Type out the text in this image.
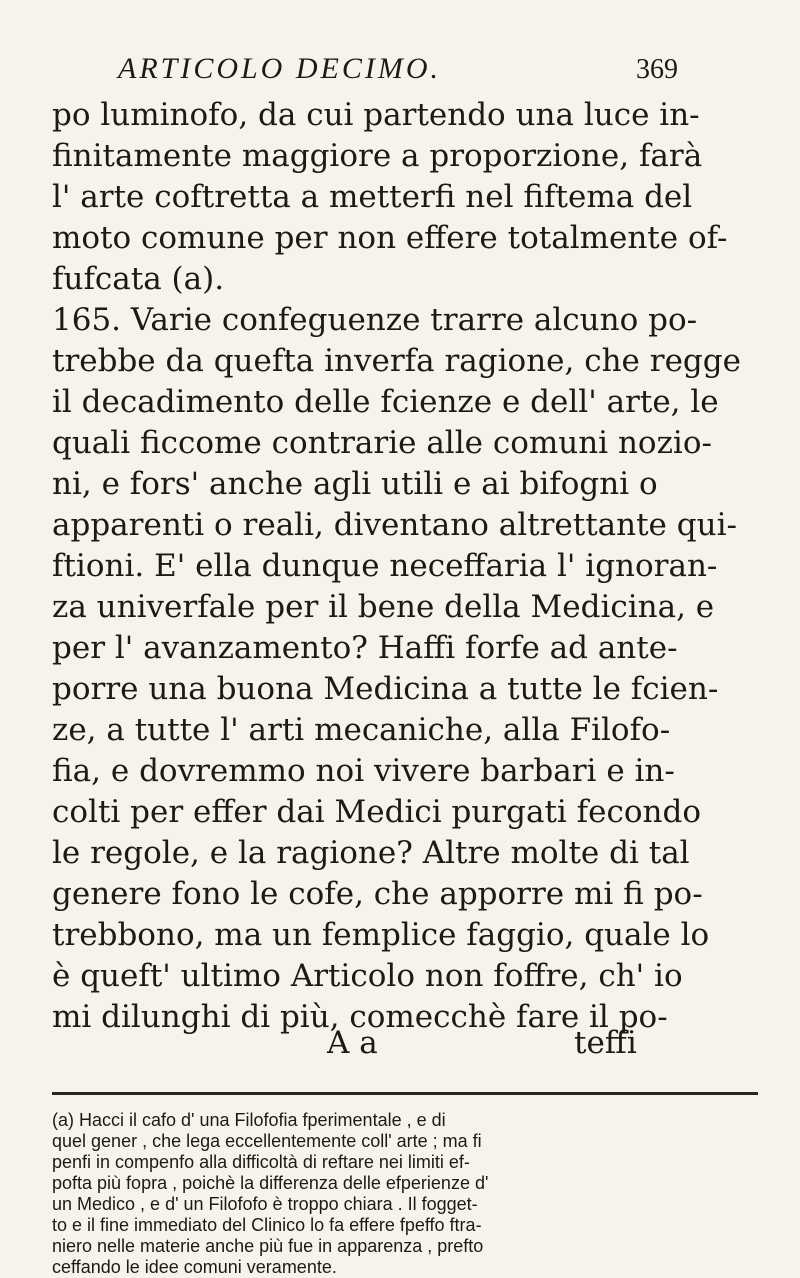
ARTICOLO DECIMO.	369
po luminofo, da cui partendo una luce in-
finitamente maggiore a proporzione, farà
l' arte coftretta a metterfi nel fiftema del
moto comune per non effere totalmente of-
fufcata (a).
165. Varie confeguenze trarre alcuno po-
trebbe da quefta inverfa ragione, che regge
il decadimento delle fcienze e dell' arte, le
quali ficcome contrarie alle comuni nozio-
ni, e fors' anche agli utili e ai bifogni o
apparenti o reali, diventano altrettante qui-
ftioni. E' ella dunque neceffaria l' ignoran-
za univerfale per il bene della Medicina, e
per l' avanzamento? Haffi forfe ad ante-
porre una buona Medicina a tutte le fcien-
ze, a tutte l' arti mecaniche, alla Filofo-
fia, e dovremmo noi vivere barbari e in-
colti per effer dai Medici purgati fecondo
le regole, e la ragione? Altre molte di tal
genere fono le cofe, che apporre mi fi po-
trebbono, ma un femplice faggio, quale lo
è queft' ultimo Articolo non foffre, ch' io
mi dilunghi di più, comecchè fare il po-
A a	teffi
(a) Hacci il cafo d' una Filofofia fperimentale , e di
quel gener , che lega eccellentemente coll' arte ; ma fi
penfi in compenfo alla difficoltà di reftare nei limiti ef-
pofta più fopra , poichè la differenza delle efperienze d'
un Medico , e d' un Filofofo è troppo chiara . Il fogget-
to e il fine immediato del Clinico lo fa effere fpeffo ftra-
niero nelle materie anche più fue in apparenza , prefto
ceffando le idee comuni veramente.
